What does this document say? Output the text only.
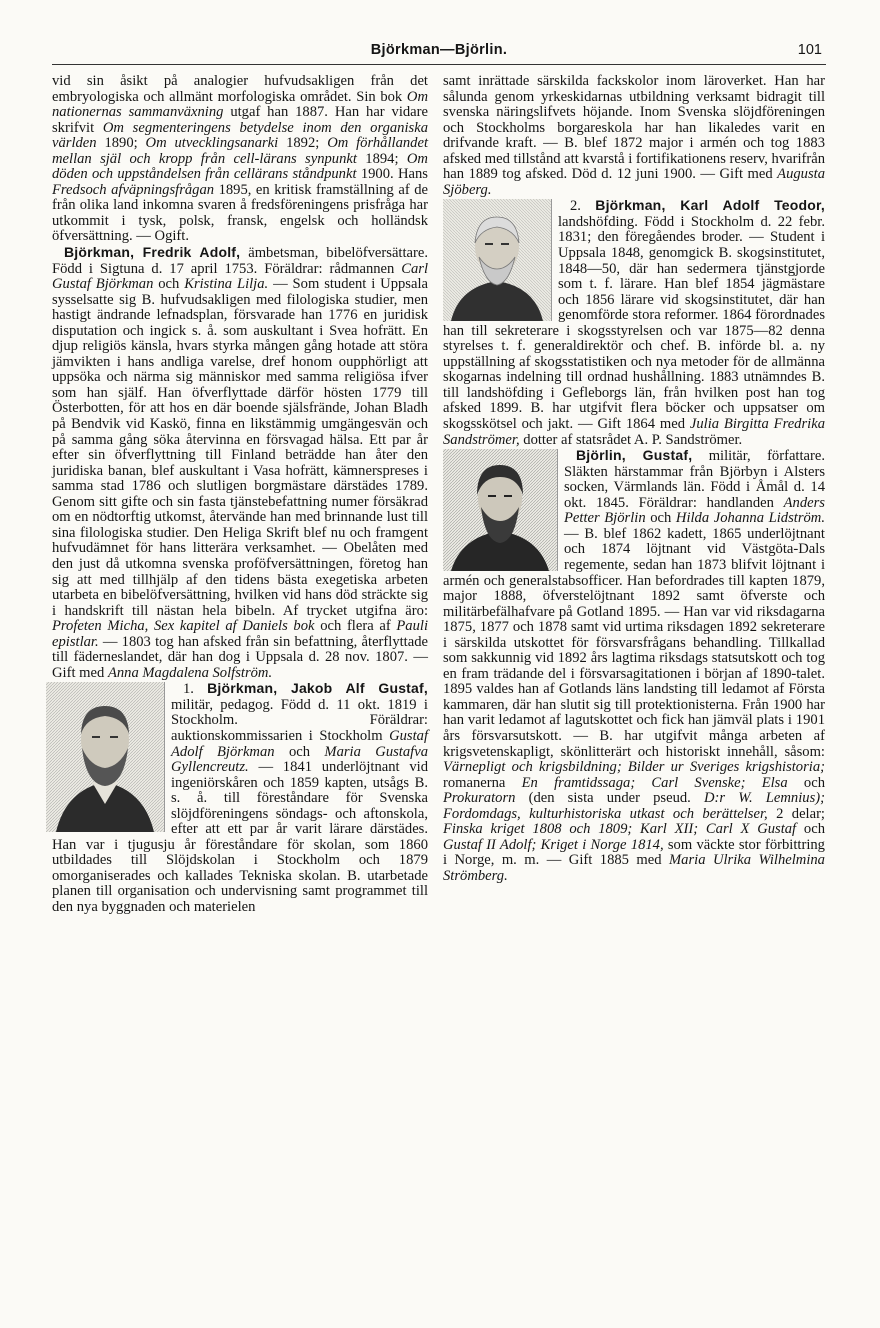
Björkman—Björlin.	101

vid sin åsikt på analogier hufvudsakligen från det embryologiska och allmänt morfologiska området. Sin bok Om nationernas sammanväxning utgaf han 1887. Han har vidare skrifvit Om segmenteringens betydelse inom den organiska världen 1890; Om utvecklingsanarki 1892; Om förhållandet mellan själ och kropp från cell-lärans synpunkt 1894; Om döden och uppståndelsen från cellärans ståndpunkt 1900. Hans Fredsoch afväpningsfrågan 1895, en kritisk framställning af de från olika land inkomna svaren å fredsföreningens prisfråga har utkommit i tysk, polsk, fransk, engelsk och holländsk öfversättning. — Ogift.

Björkman, Fredrik Adolf, ämbetsman, bibelöfversättare. Född i Sigtuna d. 17 april 1753. Föräldrar: rådmannen Carl Gustaf Björkman och Kristina Lilja. — Som student i Uppsala sysselsatte sig B. hufvudsakligen med filologiska studier, men hastigt ändrande lefnadsplan, försvarade han 1776 en juridisk disputation och ingick s. å. som auskultant i Svea hofrätt. En djup religiös känsla, hvars styrka mången gång hotade att störa jämvikten i hans andliga varelse, dref honom oupphörligt att uppsöka och närma sig människor med samma religiösa ifver som han själf. Han öfverflyttade därför hösten 1779 till Österbotten, för att hos en där boende själsfrände, Johan Bladh på Bendvik vid Kaskö, finna en likstämmig umgängesvän och på samma gång söka återvinna en försvagad hälsa. Ett par år efter sin öfverflyttning till Finland beträdde han åter den juridiska banan, blef auskultant i Vasa hofrätt, kämnerspreses i samma stad 1786 och slutligen borgmästare därstädes 1789. Genom sitt gifte och sin fasta tjänstebefattning numer försäkrad om en nödtorftig utkomst, återvände han med brinnande lust till sina filologiska studier. Den Heliga Skrift blef nu och framgent hufvudämnet för hans litterära verksamhet. — Obelåten med den just då utkomna svenska proföfversättningen, företog han sig att med tillhjälp af den tidens bästa exegetiska arbeten utarbeta en bibelöfversättning, hvilken vid hans död sträckte sig i handskrift till nästan hela bibeln. Af trycket utgifna äro: Profeten Micha, Sex kapitel af Daniels bok och flera af Pauli epistlar. — 1803 tog han afsked från sin befattning, återflyttade till fäderneslandet, där han dog i Uppsala d. 28 nov. 1807. — Gift med Anna Magdalena Solfström.

1. Björkman, Jakob Alf Gustaf,
militär, pedagog. Född d. 11 okt. 1819 i Stockholm. Föräldrar: auktionskommissarien i Stockholm Gustaf Adolf Björkman och Maria Gustafva Gyllencreutz. — 1841 underlöjtnant vid ingeniörskåren och 1859 kapten, utsågs B. s. å. till föreståndare för Svenska slöjdföreningens söndags- och aftonskola, efter att ett par år varit lärare därstädes. Han var i tjugusju år föreståndare för skolan, som 1860 utbildades till Slöjdskolan i Stockholm och 1879 omorganiserades och kallades Tekniska skolan. B. utarbetade planen till organisation och undervisning samt programmet till den nya byggnaden och materielen

samt inrättade särskilda fackskolor inom läroverket. Han har sålunda genom yrkeskidarnas utbildning verksamt bidragit till svenska näringslifvets höjande. Inom Svenska slöjdföreningen och Stockholms borgareskola har han likaledes varit en drifvande kraft. — B. blef 1872 major i armén och tog 1883 afsked med tillstånd att kvarstå i fortifikationens reserv, hvarifrån han 1889 tog afsked. Död d. 12 juni 1900. — Gift med Augusta Sjöberg.

2. Björkman, Karl Adolf Teodor,
landshöfding. Född i Stockholm d. 22 febr. 1831; den föregåendes broder. — Student i Uppsala 1848, genomgick B. skogsinstitutet, 1848—50, där han sedermera tjänstgjorde som t. f. lärare. Han blef 1854 jägmästare och 1856 lärare vid skogsinstitutet, där han genomförde stora reformer. 1864 förordnades han till sekreterare i skogsstyrelsen och var 1875—82 denna styrelses t. f. generaldirektör och chef. B. införde bl. a. ny uppställning af skogsstatistiken och nya metoder för de allmänna skogarnas indelning till ordnad hushållning. 1883 utnämndes B. till landshöfding i Gefleborgs län, från hvilken post han tog afsked 1899. B. har utgifvit flera böcker och uppsatser om skogsskötsel och jakt. — Gift 1864 med Julia Birgitta Fredrika Sandströmer, dotter af statsrådet A. P. Sandströmer.

Björlin, Gustaf,
militär, författare. Släkten härstammar från Björbyn i Alsters socken, Värmlands län. Född i Åmål d. 14 okt. 1845. Föräldrar: handlanden Anders Petter Björlin och Hilda Johanna Lidström. — B. blef 1862 kadett, 1865 underlöjtnant och 1874 löjtnant vid Västgöta-Dals regemente, sedan han 1873 blifvit löjtnant i armén och generalstabsofficer. Han befordrades till kapten 1879, major 1888, öfverstelöjtnant 1892 samt öfverste och militärbefälhafvare på Gotland 1895. — Han var vid riksdagarna 1875, 1877 och 1878 samt vid urtima riksdagen 1892 sekreterare i särskilda utskottet för försvarsfrågans behandling. Tillkallad som sakkunnig vid 1892 års lagtima riksdags statsutskott och tog en fram trädande del i försvarsagitationen i början af 1890-talet. 1895 valdes han af Gotlands läns landsting till ledamot af Första kammaren, där han slutit sig till protektionisterna. Från 1900 har han varit ledamot af lagutskottet och fick han jämväl plats i 1901 års försvarsutskott. — B. har utgifvit många arbeten af krigsvetenskapligt, skönlitterärt och historiskt innehåll, såsom: Värnepligt och krigsbildning; Bilder ur Sveriges krigshistoria; romanerna En framtidssaga; Carl Svenske; Elsa och Prokuratorn (den sista under pseud. D:r W. Lemnius); Fordomdags, kulturhistoriska utkast och berättelser, 2 delar; Finska kriget 1808 och 1809; Karl XII; Carl X Gustaf och Gustaf II Adolf; Kriget i Norge 1814, som väckte stor förbittring i Norge, m. m. — Gift 1885 med Maria Ulrika Wilhelmina Strömberg.
